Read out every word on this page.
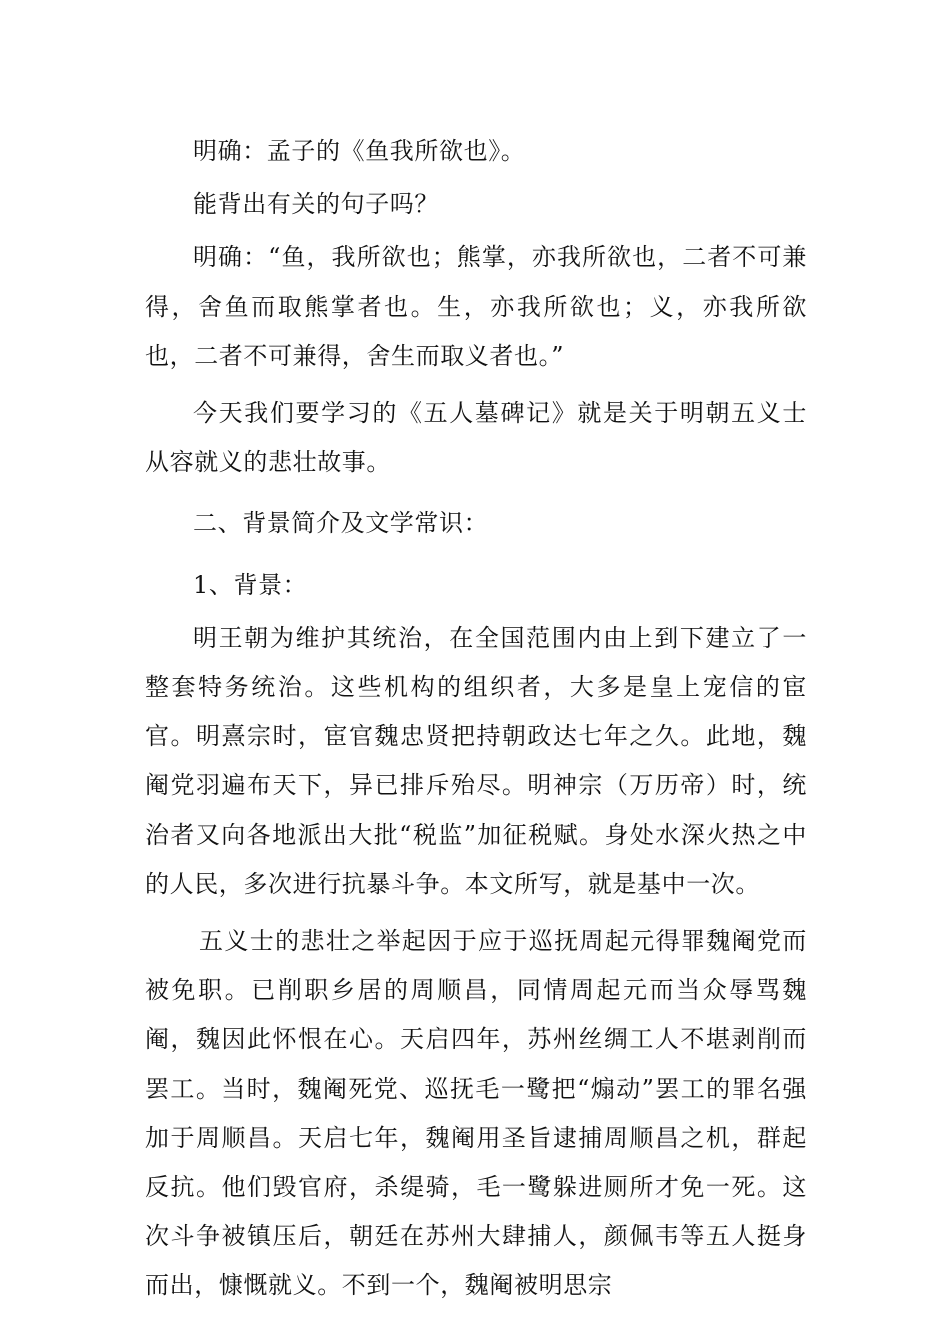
明确：孟子的《鱼我所欲也》。

能背出有关的句子吗？

明确：“鱼，我所欲也；熊掌，亦我所欲也，二者不可兼得，舍鱼而取熊掌者也。生，亦我所欲也；义，亦我所欲也，二者不可兼得，舍生而取义者也。”

今天我们要学习的《五人墓碑记》就是关于明朝五义士从容就义的悲壮故事。

二、背景简介及文学常识：

1、背景：

明王朝为维护其统治，在全国范围内由上到下建立了一整套特务统治。这些机构的组织者，大多是皇上宠信的宦官。明熹宗时，宦官魏忠贤把持朝政达七年之久。此地，魏阉党羽遍布天下，异已排斥殆尽。明神宗（万历帝）时，统治者又向各地派出大批“税监”加征税赋。身处水深火热之中的人民，多次进行抗暴斗争。本文所写，就是基中一次。

五义士的悲壮之举起因于应于巡抚周起元得罪魏阉党而被免职。已削职乡居的周顺昌，同情周起元而当众辱骂魏阉，魏因此怀恨在心。天启四年，苏州丝绸工人不堪剥削而罢工。当时，魏阉死党、巡抚毛一鹭把“煽动”罢工的罪名强加于周顺昌。天启七年，魏阉用圣旨逮捕周顺昌之机，群起反抗。他们毁官府，杀缇骑，毛一鹭躲进厕所才免一死。这次斗争被镇压后，朝廷在苏州大肆捕人，颜佩韦等五人挺身而出，慷慨就义。不到一个，魏阉被明思宗
